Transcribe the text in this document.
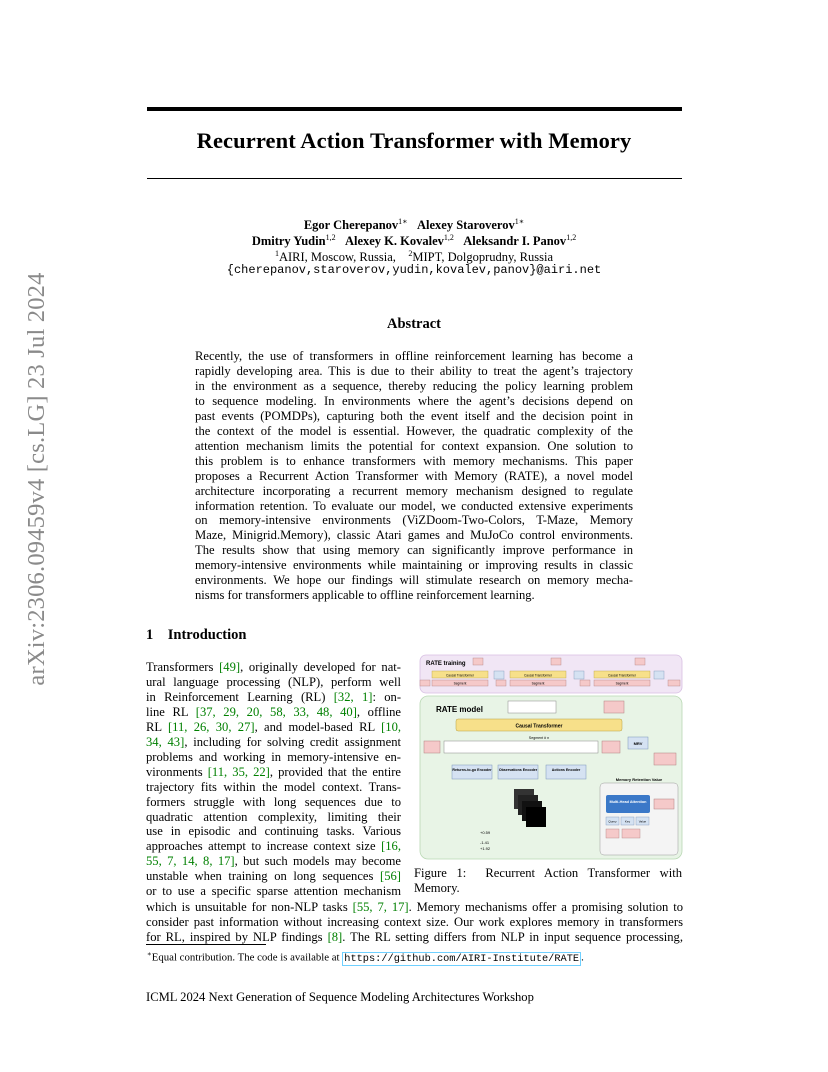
arXiv:2306.09459v4 [cs.LG] 23 Jul 2024
Recurrent Action Transformer with Memory
Egor Cherepanov$^{1∗}$ Alexey Staroverov$^{1∗}$
Dmitry Yudin$^{1,2}$ Alexey K. Kovalev$^{1,2}$ Aleksandr I. Panov$^{1,2}$
$^1$AIRI, Moscow, Russia, $^2$MIPT, Dolgoprudny, Russia
{cherepanov,staroverov,yudin,kovalev,panov}@airi.net
Abstract
Recently, the use of transformers in offline reinforcement learning has become a
rapidly developing area. This is due to their ability to treat the agent’s trajectory
in the environment as a sequence, thereby reducing the policy learning problem
to sequence modeling. In environments where the agent’s decisions depend on
past events (POMDPs), capturing both the event itself and the decision point in
the context of the model is essential. However, the quadratic complexity of the
attention mechanism limits the potential for context expansion. One solution to
this problem is to enhance transformers with memory mechanisms. This paper
proposes a Recurrent Action Transformer with Memory (RATE), a novel model
architecture incorporating a recurrent memory mechanism designed to regulate
information retention. To evaluate our model, we conducted extensive experiments
on memory-intensive environments (ViZDoom-Two-Colors, T-Maze, Memory
Maze, Minigrid.Memory), classic Atari games and MuJoCo control environments.
The results show that using memory can significantly improve performance in
memory-intensive environments while maintaining or improving results in classic
environments. We hope our findings will stimulate research on memory mecha-
nisms for transformers applicable to offline reinforcement learning.
1 Introduction
Transformers [49], originally developed for nat-
ural language processing (NLP), perform well
in Reinforcement Learning (RL) [32, 1]: on-
line RL [37, 29, 20, 58, 33, 48, 40], offline
RL [11, 26, 30, 27], and model-based RL [10,
34, 43], including for solving credit assignment
problems and working in memory-intensive en-
vironments [11, 35, 22], provided that the entire
trajectory fits within the model context. Trans-
formers struggle with long sequences due to
quadratic attention complexity, limiting their
use in episodic and continuing tasks. Various
approaches attempt to increase context size [16,
55, 7, 14, 8, 17], but such models may become
unstable when training on long sequences [56]
or to use a specific sparse attention mechanism
which is unsuitable for non-NLP tasks [55, 7, 17]. Memory mechanisms offer a promising solution to
consider past information without increasing context size. Our work explores memory in transformers
for RL, inspired by NLP findings [8]. The RL setting differs from NLP in input sequence processing,
RATE training
Causal Transformer	Causal Transformer	Causal Transformer
Segment	Segment	Segment
RATE model
Causal Transformer
Segment # n
MRV
Returns-to-go Encoder Observations Encoder	Actions Encoder
Memory Retention Value
Multi-Head Attention
Query	Key	Value
+0.59
-1.41
+1.92
Figure 1: Recurrent Action Transformer with Memory.
∗Equal contribution. The code is available at https://github.com/AIRI-Institute/RATE .
ICML 2024 Next Generation of Sequence Modeling Architectures Workshop
